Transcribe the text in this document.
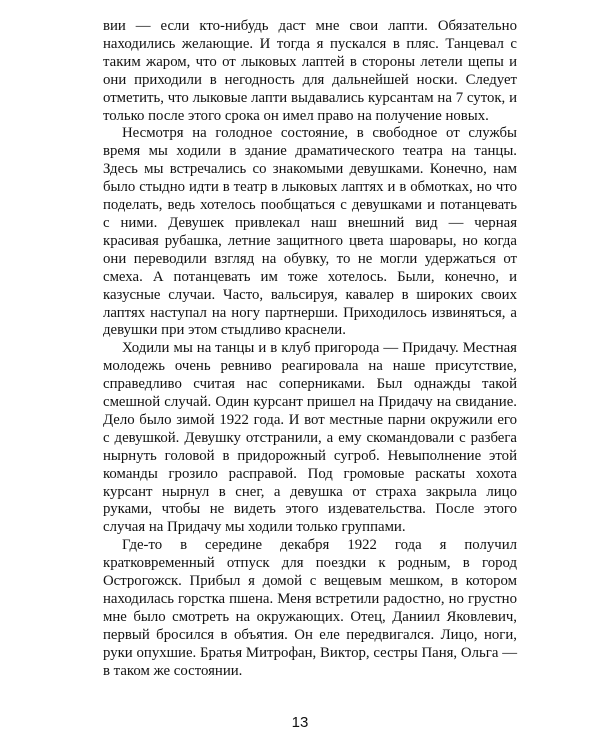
вии — если кто-нибудь даст мне свои лапти. Обязательно находились желающие. И тогда я пускался в пляс. Танцевал с таким жаром, что от лыковых лаптей в стороны летели щепы и они приходили в негодность для дальнейшей носки. Следует отметить, что лыковые лапти выдавались курсантам на 7 суток, и только после этого срока он имел право на получение новых.

Несмотря на голодное состояние, в свободное от службы время мы ходили в здание драматического театра на танцы. Здесь мы встречались со знакомыми девушками. Конечно, нам было стыдно идти в театр в лыковых лаптях и в обмотках, но что поделать, ведь хотелось пообщаться с девушками и потанцевать с ними. Девушек привлекал наш внешний вид — черная красивая рубашка, летние защитного цвета шаровары, но когда они переводили взгляд на обувку, то не могли удержаться от смеха. А потанцевать им тоже хотелось. Были, конечно, и казусные случаи. Часто, вальсируя, кавалер в широких своих лаптях наступал на ногу партнерши. Приходилось извиняться, а девушки при этом стыдливо краснели.

Ходили мы на танцы и в клуб пригорода — Придачу. Местная молодежь очень ревниво реагировала на наше присутствие, справедливо считая нас соперниками. Был однажды такой смешной случай. Один курсант пришел на Придачу на свидание. Дело было зимой 1922 года. И вот местные парни окружили его с девушкой. Девушку отстранили, а ему скомандовали с разбега нырнуть головой в придорожный сугроб. Невыполнение этой команды грозило расправой. Под громовые раскаты хохота курсант нырнул в снег, а девушка от страха закрыла лицо руками, чтобы не видеть этого издевательства. После этого случая на Придачу мы ходили только группами.

Где-то в середине декабря 1922 года я получил кратковременный отпуск для поездки к родным, в город Острогожск. Прибыл я домой с вещевым мешком, в котором находилась горстка пшена. Меня встретили радостно, но грустно мне было смотреть на окружающих. Отец, Даниил Яковлевич, первый бросился в объятия. Он еле передвигался. Лицо, ноги, руки опухшие. Братья Митрофан, Виктор, сестры Паня, Ольга — в таком же состоянии.

13
